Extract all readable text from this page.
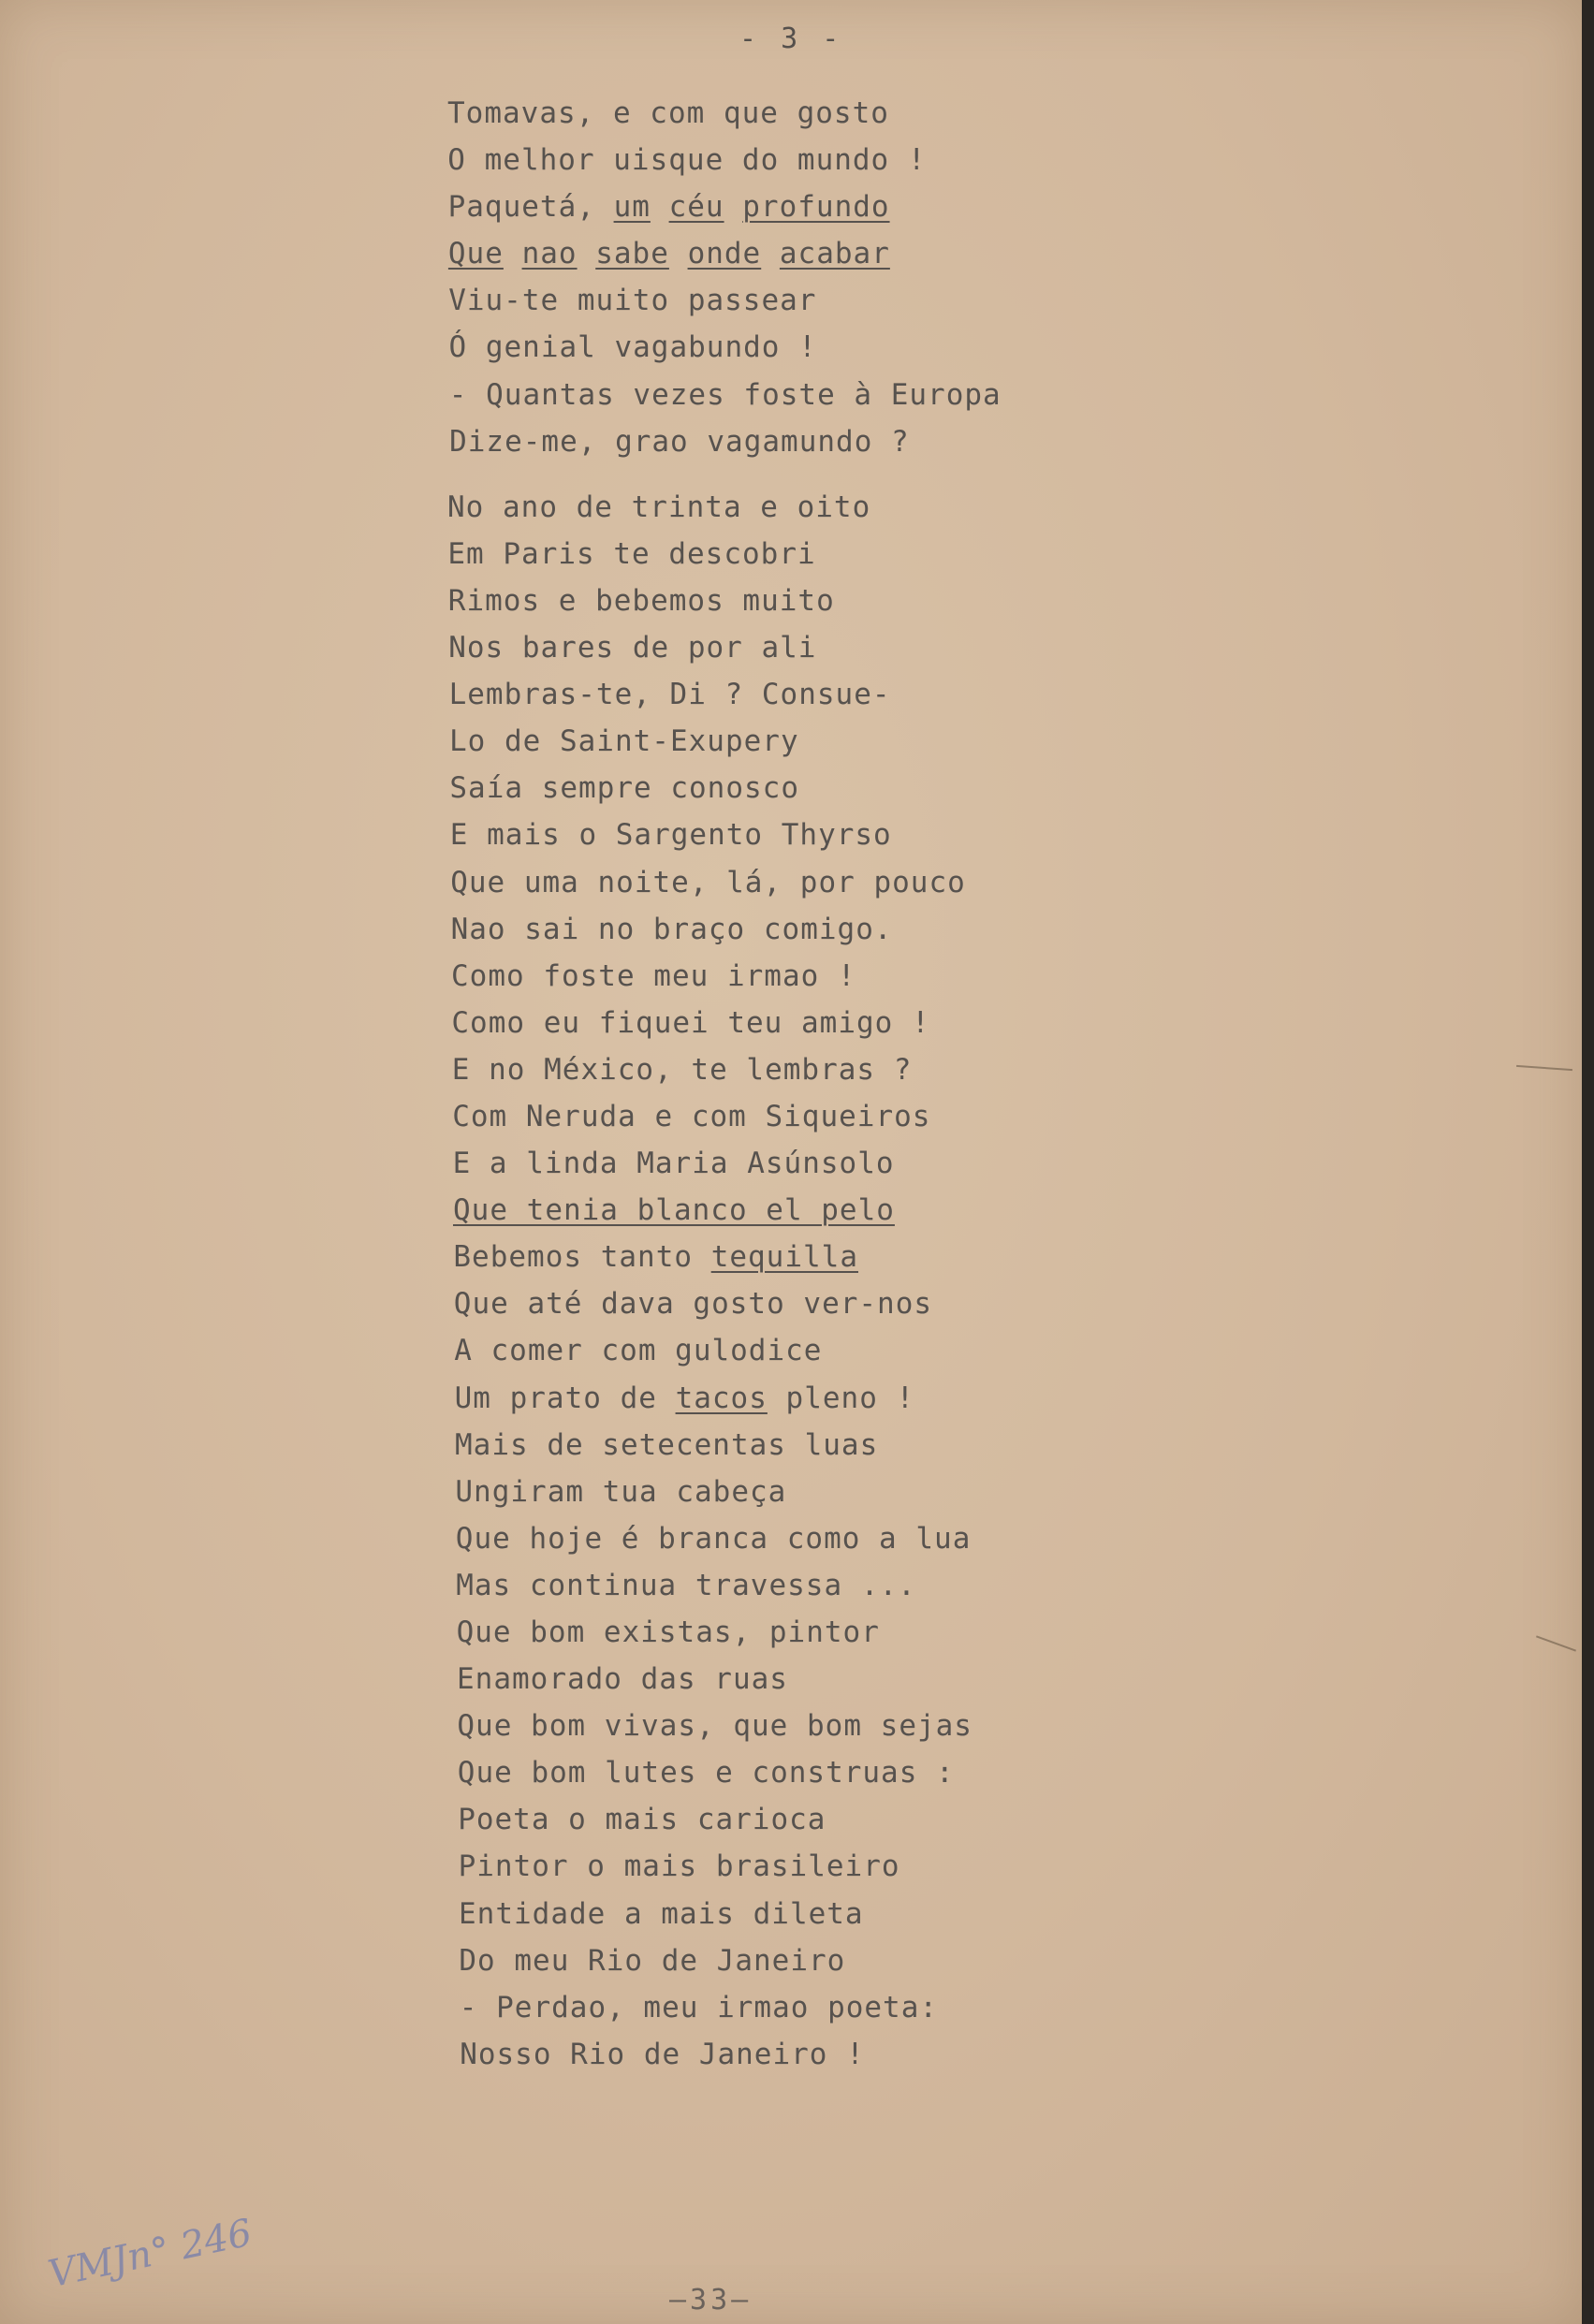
- 3 -
Tomavas, e com que gosto
O melhor uisque do mundo !
Paquetá, um céu profundo
Que nao sabe onde acabar
Viu-te muito passear
Ó genial vagabundo !
- Quantas vezes foste à Europa
Dize-me, grao vagamundo ?
No ano de trinta e oito
Em Paris te descobri
Rimos e bebemos muito
Nos bares de por ali
Lembras-te, Di ? Consue-
Lo de Saint-Exupery
Saía sempre conosco
E mais o Sargento Thyrso
Que uma noite, lá, por pouco
Nao sai no braço comigo.
Como foste meu irmao !
Como eu fiquei teu amigo !
E no México, te lembras ?
Com Neruda e com Siqueiros
E a linda Maria Asúnsolo
Que tenia blanco el pelo
Bebemos tanto tequilla
Que até dava gosto ver-nos
A comer com gulodice
Um prato de tacos pleno !
Mais de setecentas luas
Ungiram tua cabeça
Que hoje é branca como a lua
Mas continua travessa ...
Que bom existas, pintor
Enamorado das ruas
Que bom vivas, que bom sejas
Que bom lutes e construas :
Poeta o mais carioca
Pintor o mais brasileiro
Entidade a mais dileta
Do meu Rio de Janeiro
- Perdao, meu irmao poeta:
Nosso Rio de Janeiro !
—33—
VMJn° 246
